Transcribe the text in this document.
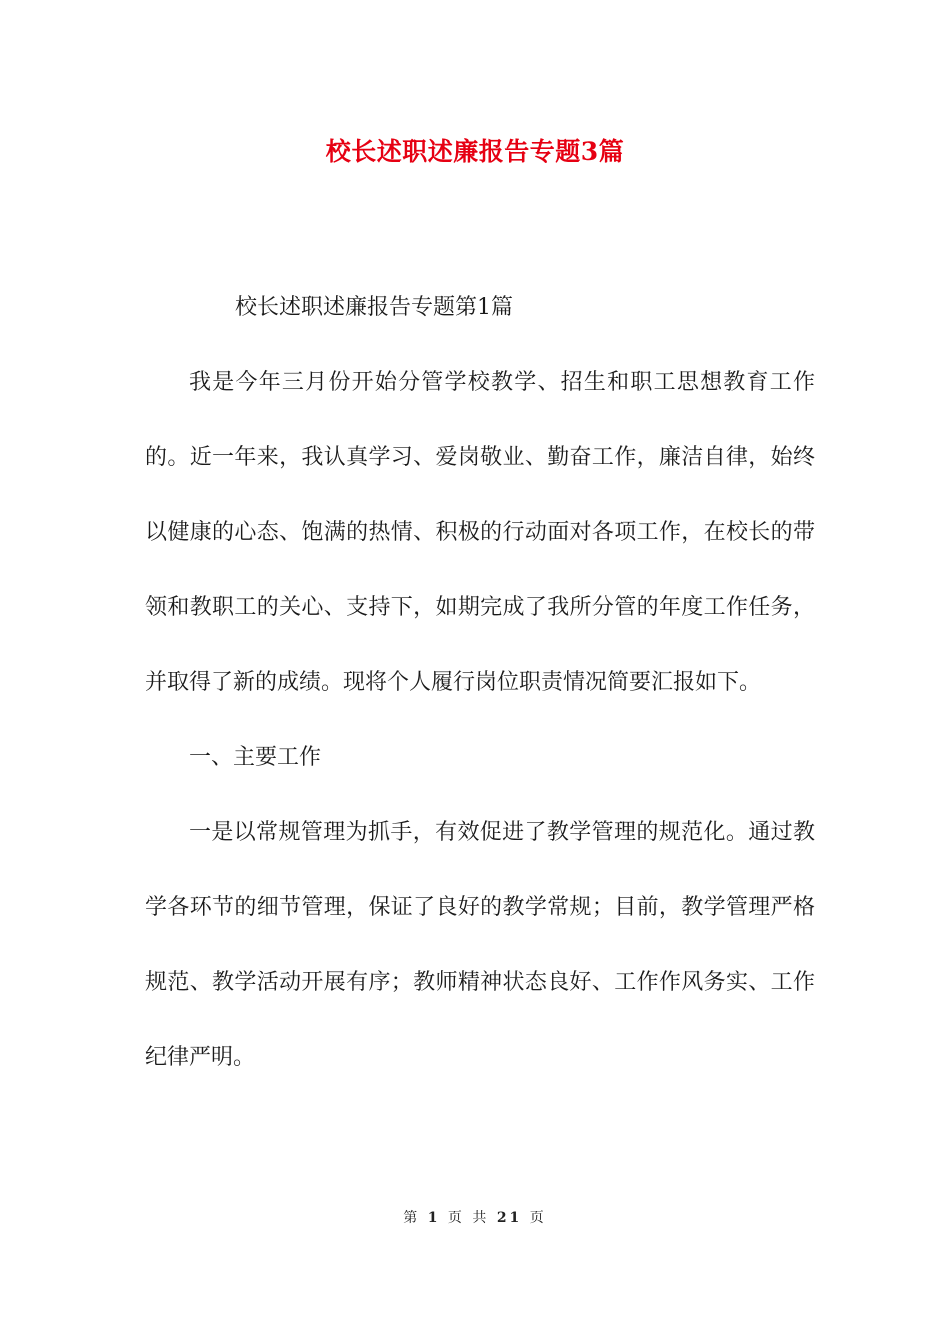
校长述职述廉报告专题3篇

校长述职述廉报告专题第1篇

我是今年三月份开始分管学校教学、招生和职工思想教育工作的。近一年来，我认真学习、爱岗敬业、勤奋工作，廉洁自律，始终以健康的心态、饱满的热情、积极的行动面对各项工作，在校长的带领和教职工的关心、支持下，如期完成了我所分管的年度工作任务，并取得了新的成绩。现将个人履行岗位职责情况简要汇报如下。

一、主要工作

一是以常规管理为抓手，有效促进了教学管理的规范化。通过教学各环节的细节管理，保证了良好的教学常规；目前，教学管理严格规范、教学活动开展有序；教师精神状态良好、工作作风务实、工作纪律严明。

第 1 页 共 21 页
